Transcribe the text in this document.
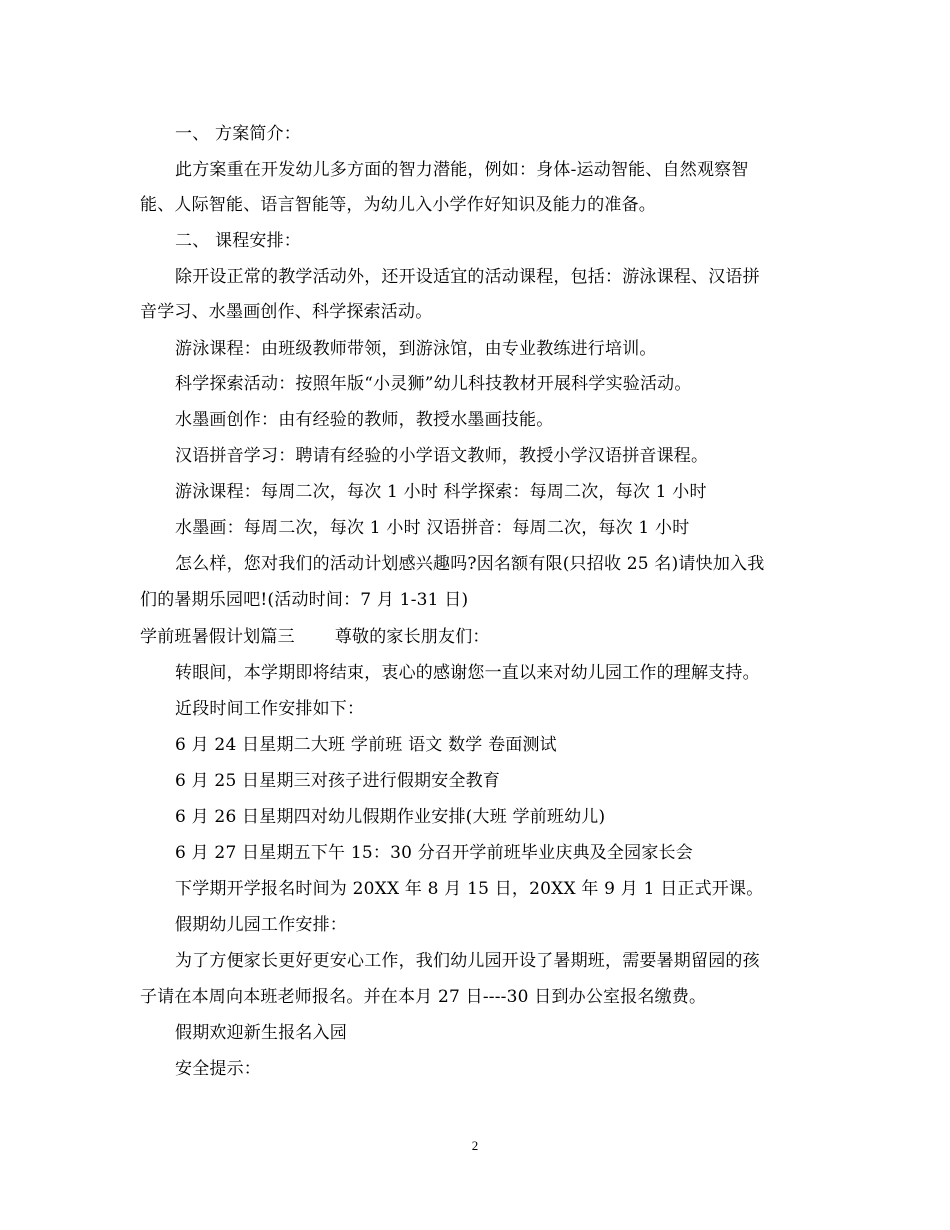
一、 方案简介：
此方案重在开发幼儿多方面的智力潜能，例如：身体-运动智能、自然观察智
能、人际智能、语言智能等，为幼儿入小学作好知识及能力的准备。
二、 课程安排：
除开设正常的教学活动外，还开设适宜的活动课程，包括：游泳课程、汉语拼
音学习、水墨画创作、科学探索活动。
游泳课程：由班级教师带领，到游泳馆，由专业教练进行培训。
科学探索活动：按照年版“小灵狮”幼儿科技教材开展科学实验活动。
水墨画创作：由有经验的教师，教授水墨画技能。
汉语拼音学习：聘请有经验的小学语文教师，教授小学汉语拼音课程。
游泳课程：每周二次，每次 1 小时 科学探索：每周二次，每次 1 小时
水墨画：每周二次，每次 1 小时 汉语拼音：每周二次，每次 1 小时
怎么样，您对我们的活动计划感兴趣吗?因名额有限(只招收 25 名)请快加入我
们的暑期乐园吧!(活动时间：7 月 1-31 日)
学前班暑假计划篇三 尊敬的家长朋友们：
转眼间，本学期即将结束，衷心的感谢您一直以来对幼儿园工作的理解支持。
近段时间工作安排如下：
6 月 24 日星期二大班 学前班 语文 数学 卷面测试
6 月 25 日星期三对孩子进行假期安全教育
6 月 26 日星期四对幼儿假期作业安排(大班 学前班幼儿)
6 月 27 日星期五下午 15：30 分召开学前班毕业庆典及全园家长会
下学期开学报名时间为 20XX 年 8 月 15 日，20XX 年 9 月 1 日正式开课。
假期幼儿园工作安排：
为了方便家长更好更安心工作，我们幼儿园开设了暑期班，需要暑期留园的孩
子请在本周向本班老师报名。并在本月 27 日----30 日到办公室报名缴费。
假期欢迎新生报名入园
安全提示：
2
